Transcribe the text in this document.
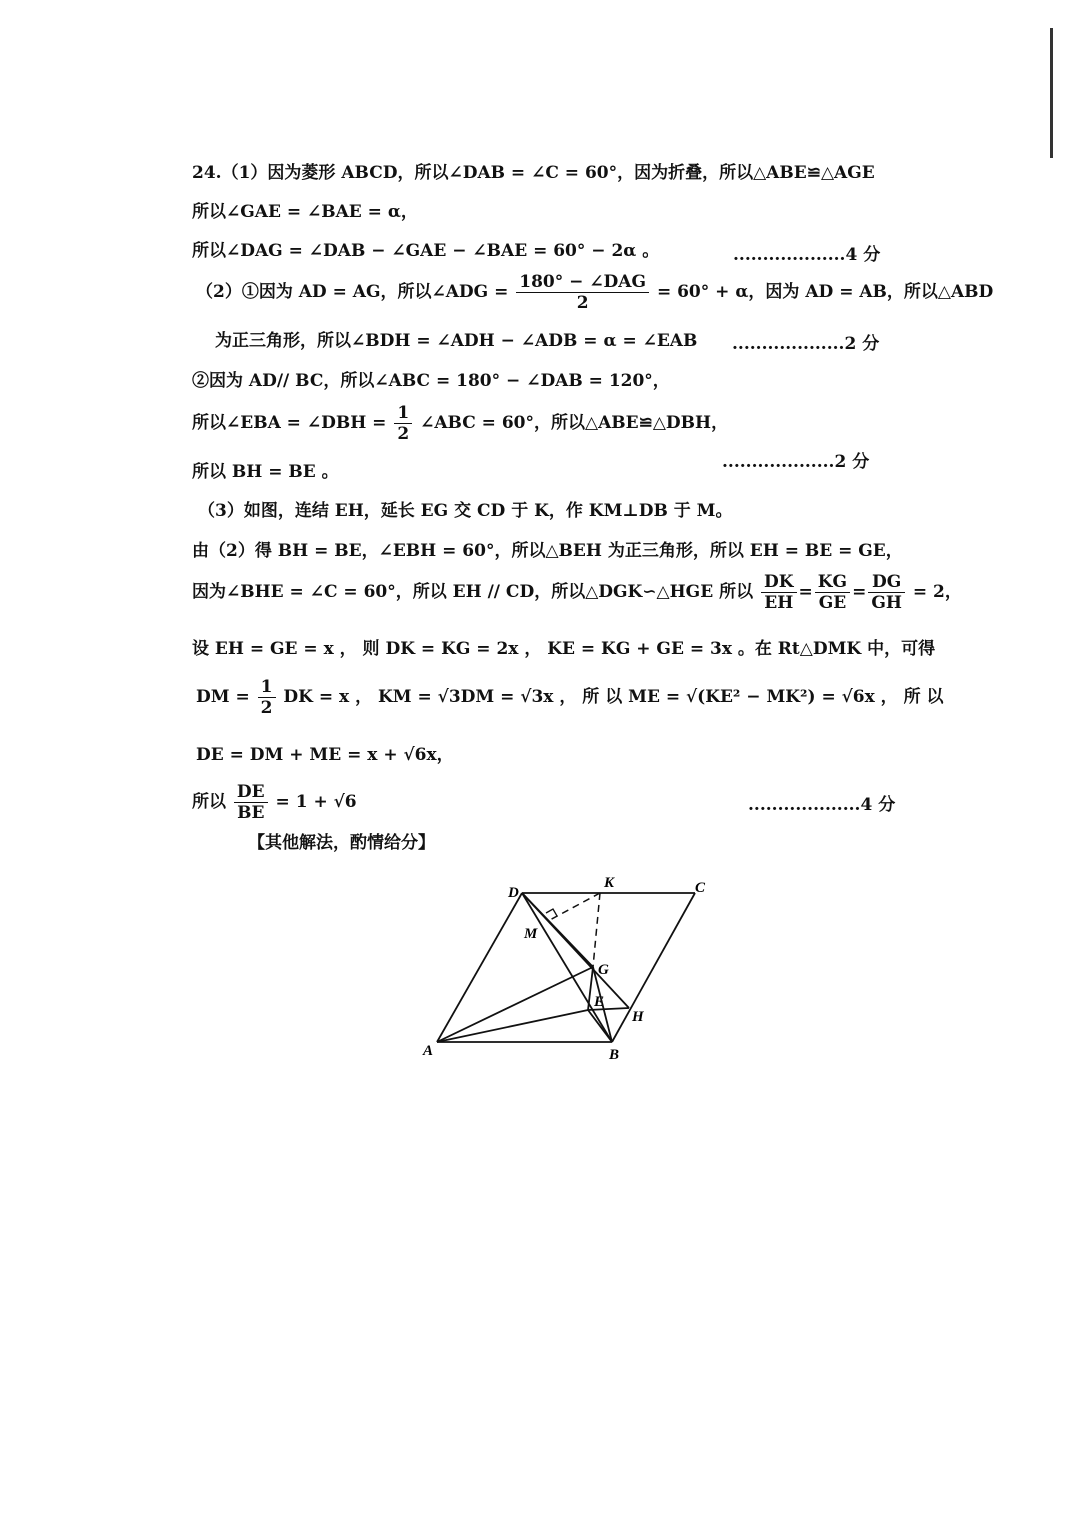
24.（1）因为菱形 ABCD，所以∠DAB = ∠C = 60°，因为折叠，所以△ABE≌△AGE
所以∠GAE = ∠BAE = α，
所以∠DAG = ∠DAB − ∠GAE − ∠BAE = 60° − 2α 。	...................4 分
（2）①因为 AD = AG，所以∠ADG = $\frac{\text{180° − ∠DAG}}{2} = 60^\circ + \alpha$，因为 AD = AB，所以△ABD
为正三角形，所以∠BDH = ∠ADH − ∠ADB = α = ∠EAB ...................2 分
②因为 AD// BC，所以∠ABC = 180° − ∠DAB = 120°，
所以∠EBA = ∠DBH = $\frac{1}{2}$ ∠ABC = 60°，所以△ABE≌△DBH，
所以 BH = BE 。	...................2 分
（3）如图，连结 EH，延长 EG 交 CD 于 K，作 KM⊥DB 于 M。
由（2）得 BH = BE，∠EBH = 60°，所以△BEH 为正三角形，所以 EH = BE = GE，
因为∠BHE = ∠C = 60°，所以 EH // CD，所以△DGK∽△HGE 所以 $\frac{DK}{EH} = \frac{KG}{GE} = \frac{DG}{GH} = 2$，
设 EH = GE = x ， 则 DK = KG = 2x ， KE = KG + GE = 3x 。在 Rt△DMK 中，可得
DM = $\frac{1}{2}$ DK = x ， KM = √3DM = √3x ， 所 以 ME = √(KE² − MK²) = √6x ， 所 以
DE = DM + ME = x + √6x，
所以 $\frac{DE}{BE} = 1 + √6$	...................4 分
【其他解法，酌情给分】
D
K	C
M
G
E
H
A	B
